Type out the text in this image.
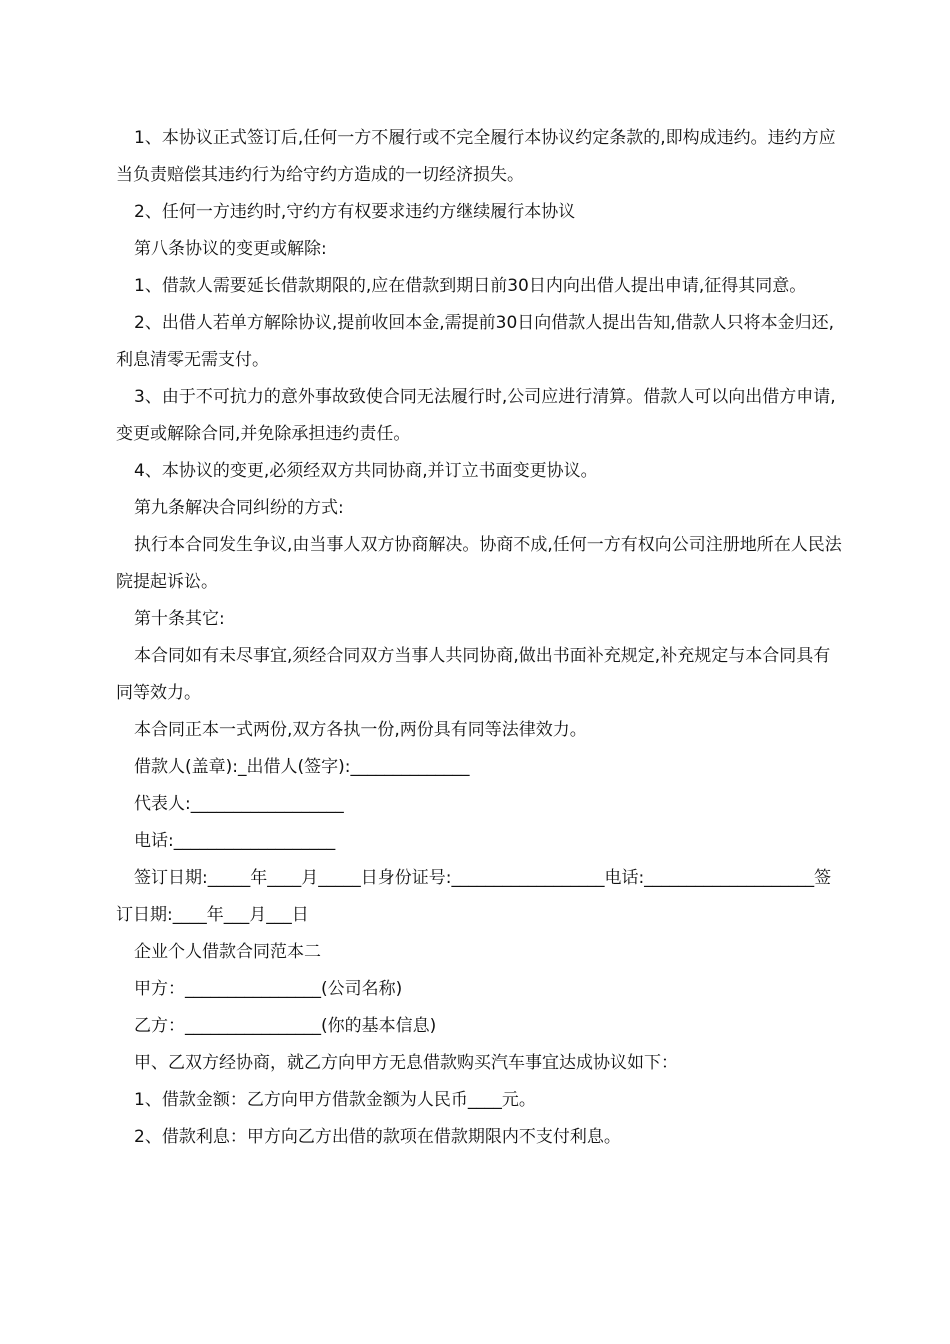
1、本协议正式签订后,任何一方不履行或不完全履行本协议约定条款的,即构成违约。违约方应当负责赔偿其违约行为给守约方造成的一切经济损失。

2、任何一方违约时,守约方有权要求违约方继续履行本协议

第八条协议的变更或解除:

1、借款人需要延长借款期限的,应在借款到期日前30日内向出借人提出申请,征得其同意。

2、出借人若单方解除协议,提前收回本金,需提前30日向借款人提出告知,借款人只将本金归还,利息清零无需支付。

3、由于不可抗力的意外事故致使合同无法履行时,公司应进行清算。借款人可以向出借方申请,变更或解除合同,并免除承担违约责任。

4、本协议的变更,必须经双方共同协商,并订立书面变更协议。

第九条解决合同纠纷的方式:

执行本合同发生争议,由当事人双方协商解决。协商不成,任何一方有权向公司注册地所在人民法院提起诉讼。

第十条其它:

本合同如有未尽事宜,须经合同双方当事人共同协商,做出书面补充规定,补充规定与本合同具有同等效力。

本合同正本一式两份,双方各执一份,两份具有同等法律效力。

借款人(盖章):_出借人(签字):______________

代表人:__________________

电话:___________________

签订日期:_____年____月_____日身份证号:__________________电话:____________________签订日期:____年___月___日

企业个人借款合同范本二

甲方：________________(公司名称)

乙方：________________(你的基本信息)

甲、乙双方经协商，就乙方向甲方无息借款购买汽车事宜达成协议如下：

1、借款金额：乙方向甲方借款金额为人民币____元。

2、借款利息：甲方向乙方出借的款项在借款期限内不支付利息。
